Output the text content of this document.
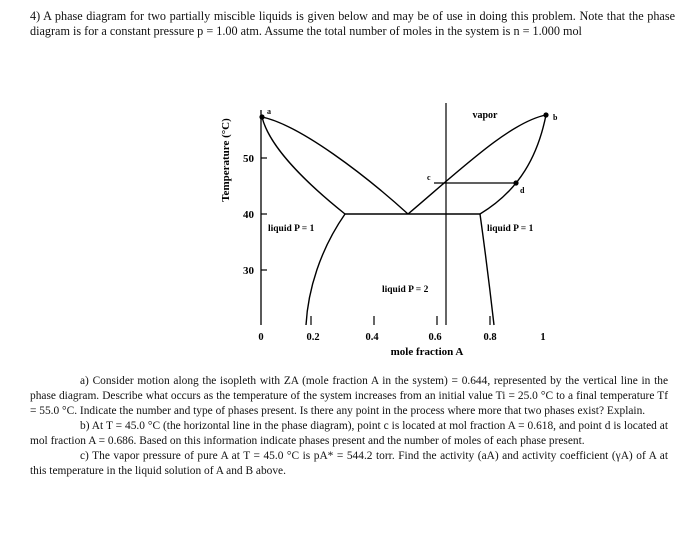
4) A phase diagram for two partially miscible liquids is given below and may be of use in doing this problem. Note that the phase diagram is for a constant pressure p = 1.00 atm. Assume the total number of moles in the system is n = 1.000 mol
50
40
30
Temperature (°C)
0	0.2	0.4	0.6	0.8	1
mole fraction A
a
b
c
d
vapor
liquid P = 1	liquid P = 1
liquid P = 2

a) Consider motion along the isopleth with ZA (mole fraction A in the system) = 0.644, represented by the vertical line in the phase diagram. Describe what occurs as the temperature of the system increases from an initial value Ti = 25.0 °C to a final temperature Tf = 55.0 °C. Indicate the number and type of phases present. Is there any point in the process where more that two phases exist? Explain.

b) At T = 45.0 °C (the horizontal line in the phase diagram), point c is located at mol fraction A = 0.618, and point d is located at mol fraction A = 0.686. Based on this information indicate phases present and the number of moles of each phase present.

c) The vapor pressure of pure A at T = 45.0 °C is pA* = 544.2 torr. Find the activity (aA) and activity coefficient (γA) of A at this temperature in the liquid solution of A and B above.
